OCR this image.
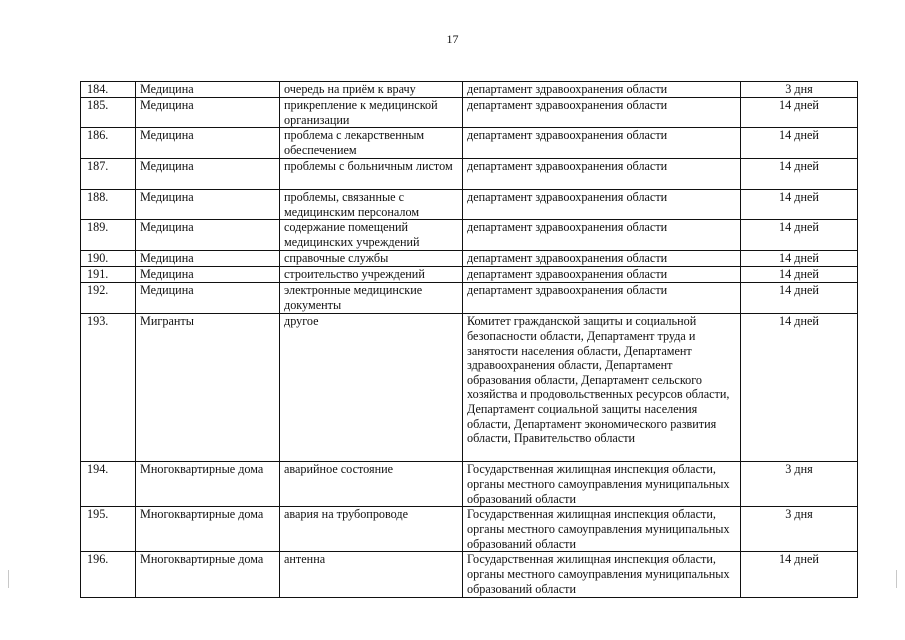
17
184.	Медицина	очередь на приём к врачу	департамент здравоохранения области	3 дня
185.	Медицина	прикрепление к медицинской организации	департамент здравоохранения области	14 дней
186.	Медицина	проблема с лекарственным обеспечением	департамент здравоохранения области	14 дней
187.	Медицина	проблемы с больничным листом	департамент здравоохранения области	14 дней
188.	Медицина	проблемы, связанные с медицинским персоналом	департамент здравоохранения области	14 дней
189.	Медицина	содержание помещений медицинских учреждений	департамент здравоохранения области	14 дней
190.	Медицина	справочные службы	департамент здравоохранения области	14 дней
191.	Медицина	строительство учреждений	департамент здравоохранения области	14 дней
192.	Медицина	электронные медицинские документы	департамент здравоохранения области	14 дней
193.	Мигранты	другое	Комитет гражданской защиты и социальной безопасности области, Департамент труда и занятости населения области, Департамент здравоохранения области, Департамент образования области, Департамент сельского хозяйства и продовольственных ресурсов области, Департамент социальной защиты населения области, Департамент экономического развития области, Правительство области	14 дней
194.	Многоквартирные дома	аварийное состояние	Государственная жилищная инспекция области, органы местного самоуправления муниципальных образований области	3 дня
195.	Многоквартирные дома	авария на трубопроводе	Государственная жилищная инспекция области, органы местного самоуправления муниципальных образований области	3 дня
196.	Многоквартирные дома	антенна	Государственная жилищная инспекция области, органы местного самоуправления муниципальных образований области	14 дней
